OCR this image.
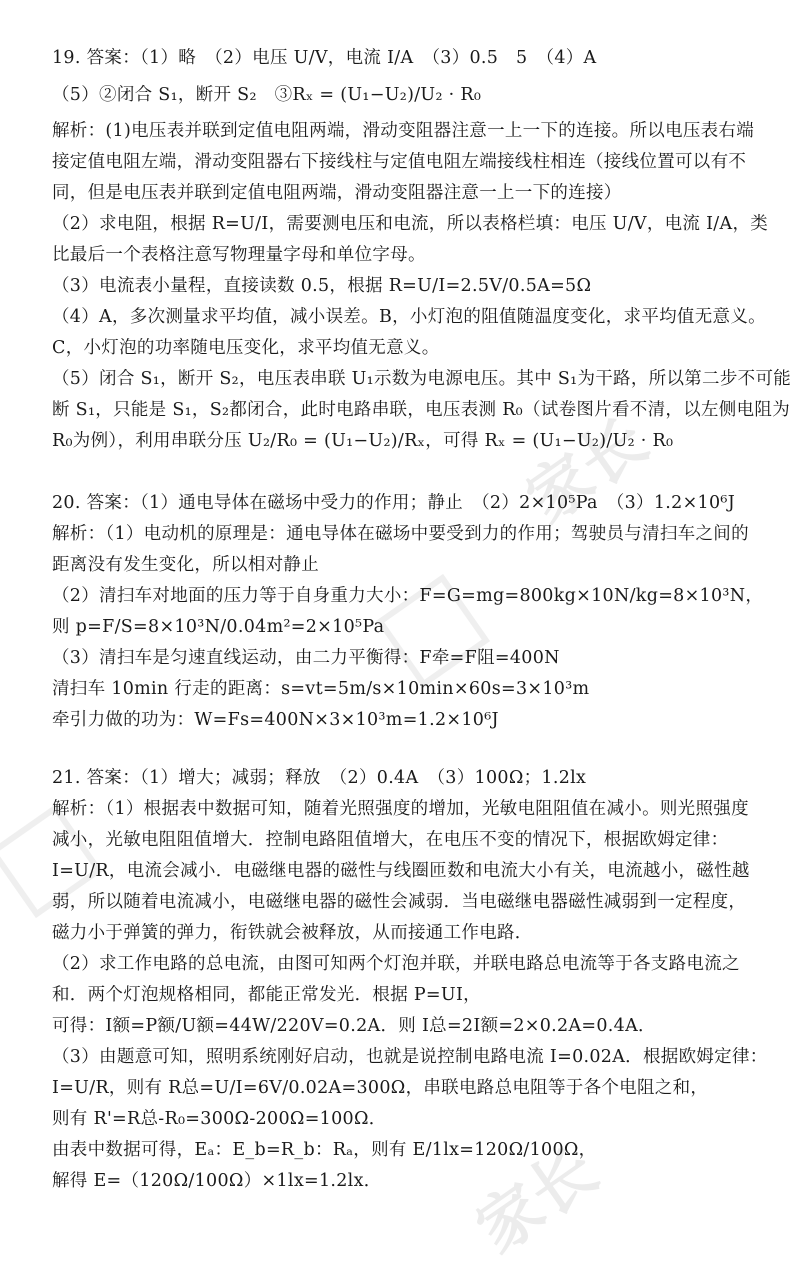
家长
家长
19. 答案：（1）略　（2）电压 U/V，电流 I/A　（3）0.5　5　（4）A
（5）②闭合 S₁，断开 S₂　③Rₓ = (U₁−U₂)/U₂ · R₀
解析：(1)电压表并联到定值电阻两端，滑动变阻器注意一上一下的连接。所以电压表右端
接定值电阻左端，滑动变阻器右下接线柱与定值电阻左端接线柱相连（接线位置可以有不
同，但是电压表并联到定值电阻两端，滑动变阻器注意一上一下的连接）
（2）求电阻，根据 R=U/I，需要测电压和电流，所以表格栏填：电压 U/V，电流 I/A，类
比最后一个表格注意写物理量字母和单位字母。
（3）电流表小量程，直接读数 0.5，根据 R=U/I=2.5V/0.5A=5Ω
（4）A，多次测量求平均值，减小误差。B，小灯泡的阻值随温度变化，求平均值无意义。
C，小灯泡的功率随电压变化，求平均值无意义。
（5）闭合 S₁，断开 S₂，电压表串联 U₁示数为电源电压。其中 S₁为干路，所以第二步不可能
断 S₁，只能是 S₁，S₂都闭合，此时电路串联，电压表测 R₀（试卷图片看不清，以左侧电阻为
R₀为例），利用串联分压 U₂/R₀ = (U₁−U₂)/Rₓ，可得 Rₓ = (U₁−U₂)/U₂ · R₀
20. 答案：（1）通电导体在磁场中受力的作用；静止　（2）2×10⁵Pa　（3）1.2×10⁶J
解析：（1）电动机的原理是：通电导体在磁场中要受到力的作用；驾驶员与清扫车之间的
距离没有发生变化，所以相对静止
（2）清扫车对地面的压力等于自身重力大小：F=G=mg=800kg×10N/kg=8×10³N，
则 p=F/S=8×10³N/0.04m²=2×10⁵Pa
（3）清扫车是匀速直线运动，由二力平衡得：F牵=F阻=400N
清扫车 10min 行走的距离：s=vt=5m/s×10min×60s=3×10³m
牵引力做的功为：W=Fs=400N×3×10³m=1.2×10⁶J
21. 答案：（1）增大；减弱；释放　（2）0.4A　（3）100Ω；1.2lx
解析：（1）根据表中数据可知，随着光照强度的增加，光敏电阻阻值在减小。则光照强度
减小，光敏电阻阻值增大．控制电路阻值增大，在电压不变的情况下，根据欧姆定律：
I=U/R，电流会减小．电磁继电器的磁性与线圈匝数和电流大小有关，电流越小，磁性越
弱，所以随着电流减小，电磁继电器的磁性会减弱．当电磁继电器磁性减弱到一定程度，
磁力小于弹簧的弹力，衔铁就会被释放，从而接通工作电路．
（2）求工作电路的总电流，由图可知两个灯泡并联，并联电路总电流等于各支路电流之
和．两个灯泡规格相同，都能正常发光．根据 P=UI，
可得：I额=P额/U额=44W/220V=0.2A．则 I总=2I额=2×0.2A=0.4A．
（3）由题意可知，照明系统刚好启动，也就是说控制电路电流 I=0.02A．根据欧姆定律：
I=U/R，则有 R总=U/I=6V/0.02A=300Ω，串联电路总电阻等于各个电阻之和，
则有 R'=R总-R₀=300Ω-200Ω=100Ω．
由表中数据可得，Eₐ：E_b=R_b：Rₐ，则有 E/1lx=120Ω/100Ω，
解得 E=（120Ω/100Ω）×1lx=1.2lx．
